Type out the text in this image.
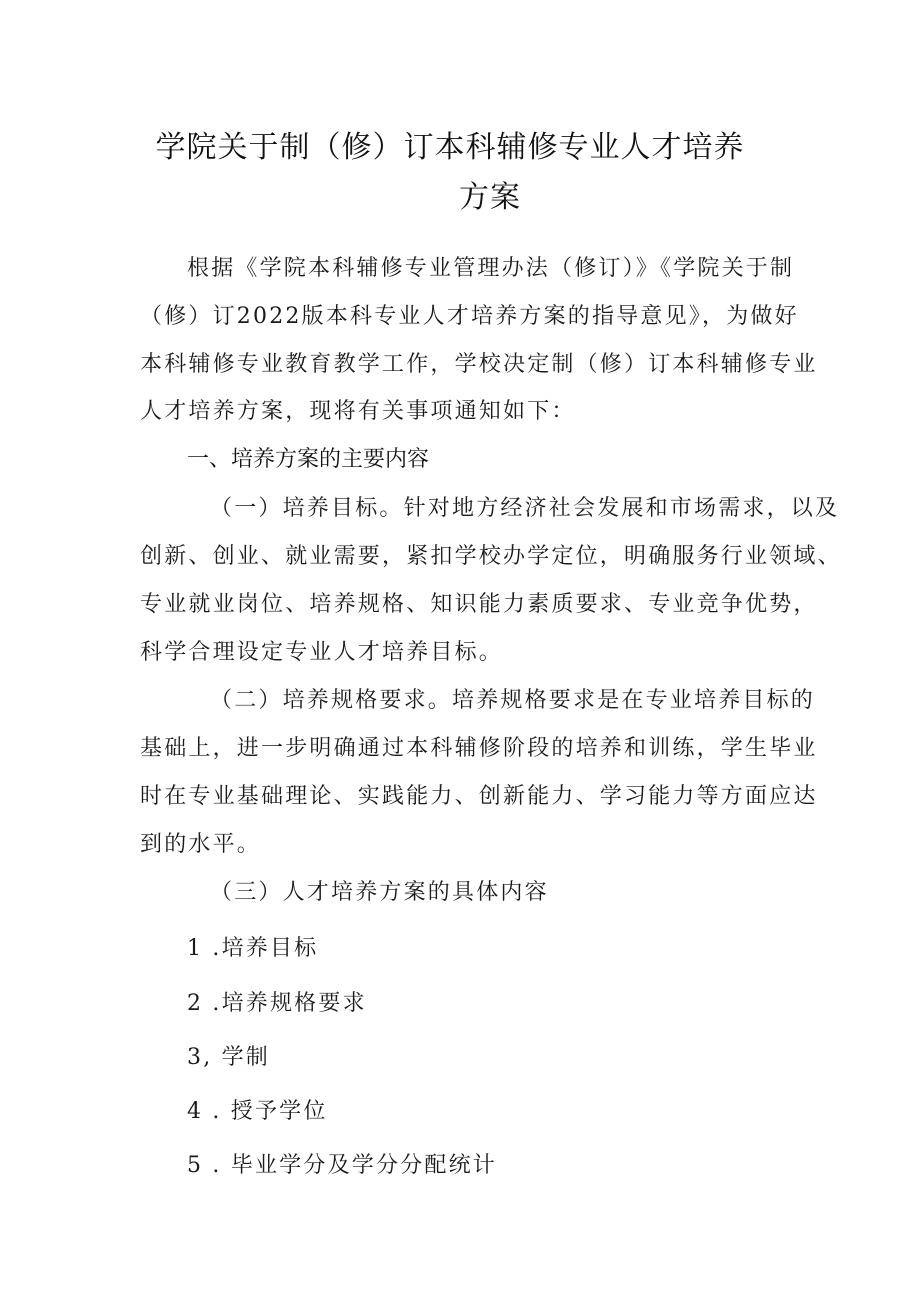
学院关于制（修）订本科辅修专业人才培养
方案

根据《学院本科辅修专业管理办法（修订）》《学院关于制

（修）订2022版本科专业人才培养方案的指导意见》，为做好

本科辅修专业教育教学工作，学校决定制（修）订本科辅修专业

人才培养方案，现将有关事项通知如下：

一、培养方案的主要内容

（一）培养目标。针对地方经济社会发展和市场需求，以及

创新、创业、就业需要，紧扣学校办学定位，明确服务行业领域、

专业就业岗位、培养规格、知识能力素质要求、专业竞争优势，

科学合理设定专业人才培养目标。

（二）培养规格要求。培养规格要求是在专业培养目标的

基础上，进一步明确通过本科辅修阶段的培养和训练，学生毕业

时在专业基础理论、实践能力、创新能力、学习能力等方面应达

到的水平。

（三）人才培养方案的具体内容

1 .培养目标

2 .培养规格要求

3, 学制

4 . 授予学位

5 . 毕业学分及学分分配统计
